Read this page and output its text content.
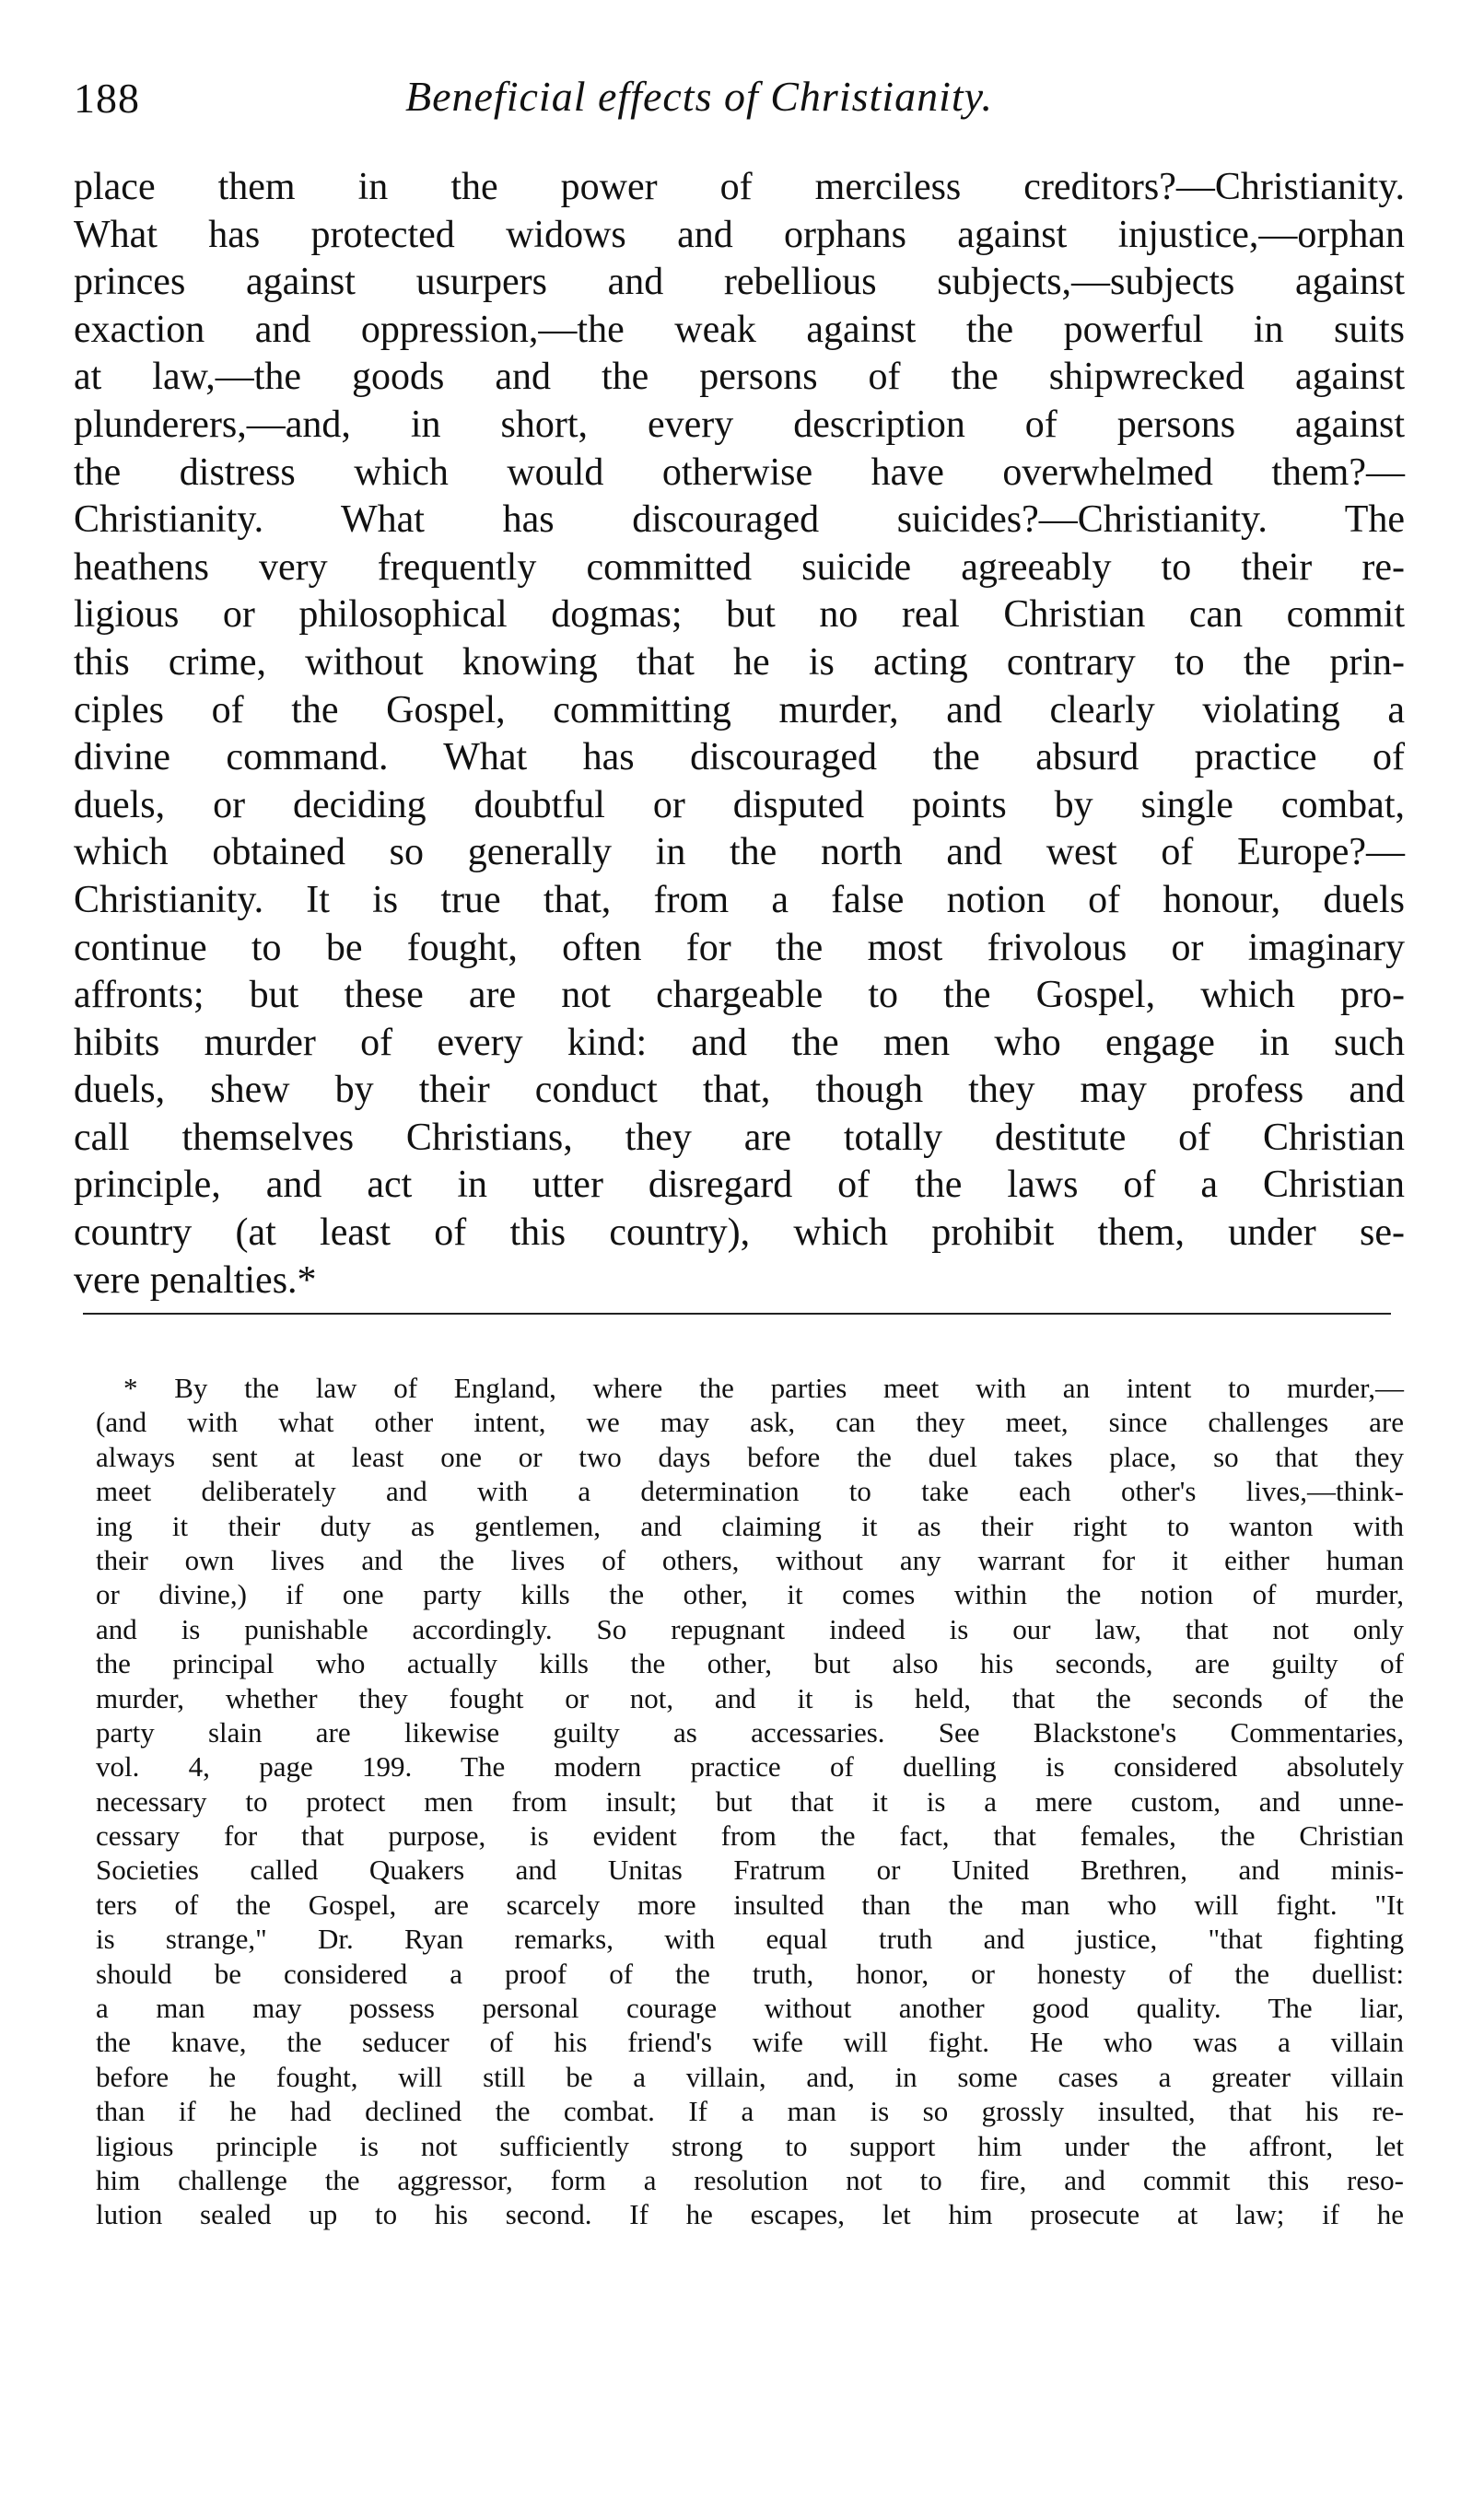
188	Beneficial effects of Christianity.
place them in the power of merciless creditors?—Christianity.
What has protected widows and orphans against injustice,—orphan
princes against usurpers and rebellious subjects,—subjects against
exaction and oppression,—the weak against the powerful in suits
at law,—the goods and the persons of the shipwrecked against
plunderers,—and, in short, every description of persons against
the distress which would otherwise have overwhelmed them?—
Christianity. What has discouraged suicides?—Christianity. The
heathens very frequently committed suicide agreeably to their re-
ligious or philosophical dogmas; but no real Christian can commit
this crime, without knowing that he is acting contrary to the prin-
ciples of the Gospel, committing murder, and clearly violating a
divine command. What has discouraged the absurd practice of
duels, or deciding doubtful or disputed points by single combat,
which obtained so generally in the north and west of Europe?—
Christianity. It is true that, from a false notion of honour, duels
continue to be fought, often for the most frivolous or imaginary
affronts; but these are not chargeable to the Gospel, which pro-
hibits murder of every kind: and the men who engage in such
duels, shew by their conduct that, though they may profess and
call themselves Christians, they are totally destitute of Christian
principle, and act in utter disregard of the laws of a Christian
country (at least of this country), which prohibit them, under se-
vere penalties.*
* By the law of England, where the parties meet with an intent to murder,—
(and with what other intent, we may ask, can they meet, since challenges are
always sent at least one or two days before the duel takes place, so that they
meet deliberately and with a determination to take each other's lives,—think-
ing it their duty as gentlemen, and claiming it as their right to wanton with
their own lives and the lives of others, without any warrant for it either human
or divine,) if one party kills the other, it comes within the notion of murder,
and is punishable accordingly. So repugnant indeed is our law, that not only
the principal who actually kills the other, but also his seconds, are guilty of
murder, whether they fought or not, and it is held, that the seconds of the
party slain are likewise guilty as accessaries. See Blackstone's Commentaries,
vol. 4, page 199. The modern practice of duelling is considered absolutely
necessary to protect men from insult; but that it is a mere custom, and unne-
cessary for that purpose, is evident from the fact, that females, the Christian
Societies called Quakers and Unitas Fratrum or United Brethren, and minis-
ters of the Gospel, are scarcely more insulted than the man who will fight. "It
is strange," Dr. Ryan remarks, with equal truth and justice, "that fighting
should be considered a proof of the truth, honor, or honesty of the duellist:
a man may possess personal courage without another good quality. The liar,
the knave, the seducer of his friend's wife will fight. He who was a villain
before he fought, will still be a villain, and, in some cases a greater villain
than if he had declined the combat. If a man is so grossly insulted, that his re-
ligious principle is not sufficiently strong to support him under the affront, let
him challenge the aggressor, form a resolution not to fire, and commit this reso-
lution sealed up to his second. If he escapes, let him prosecute at law; if he
